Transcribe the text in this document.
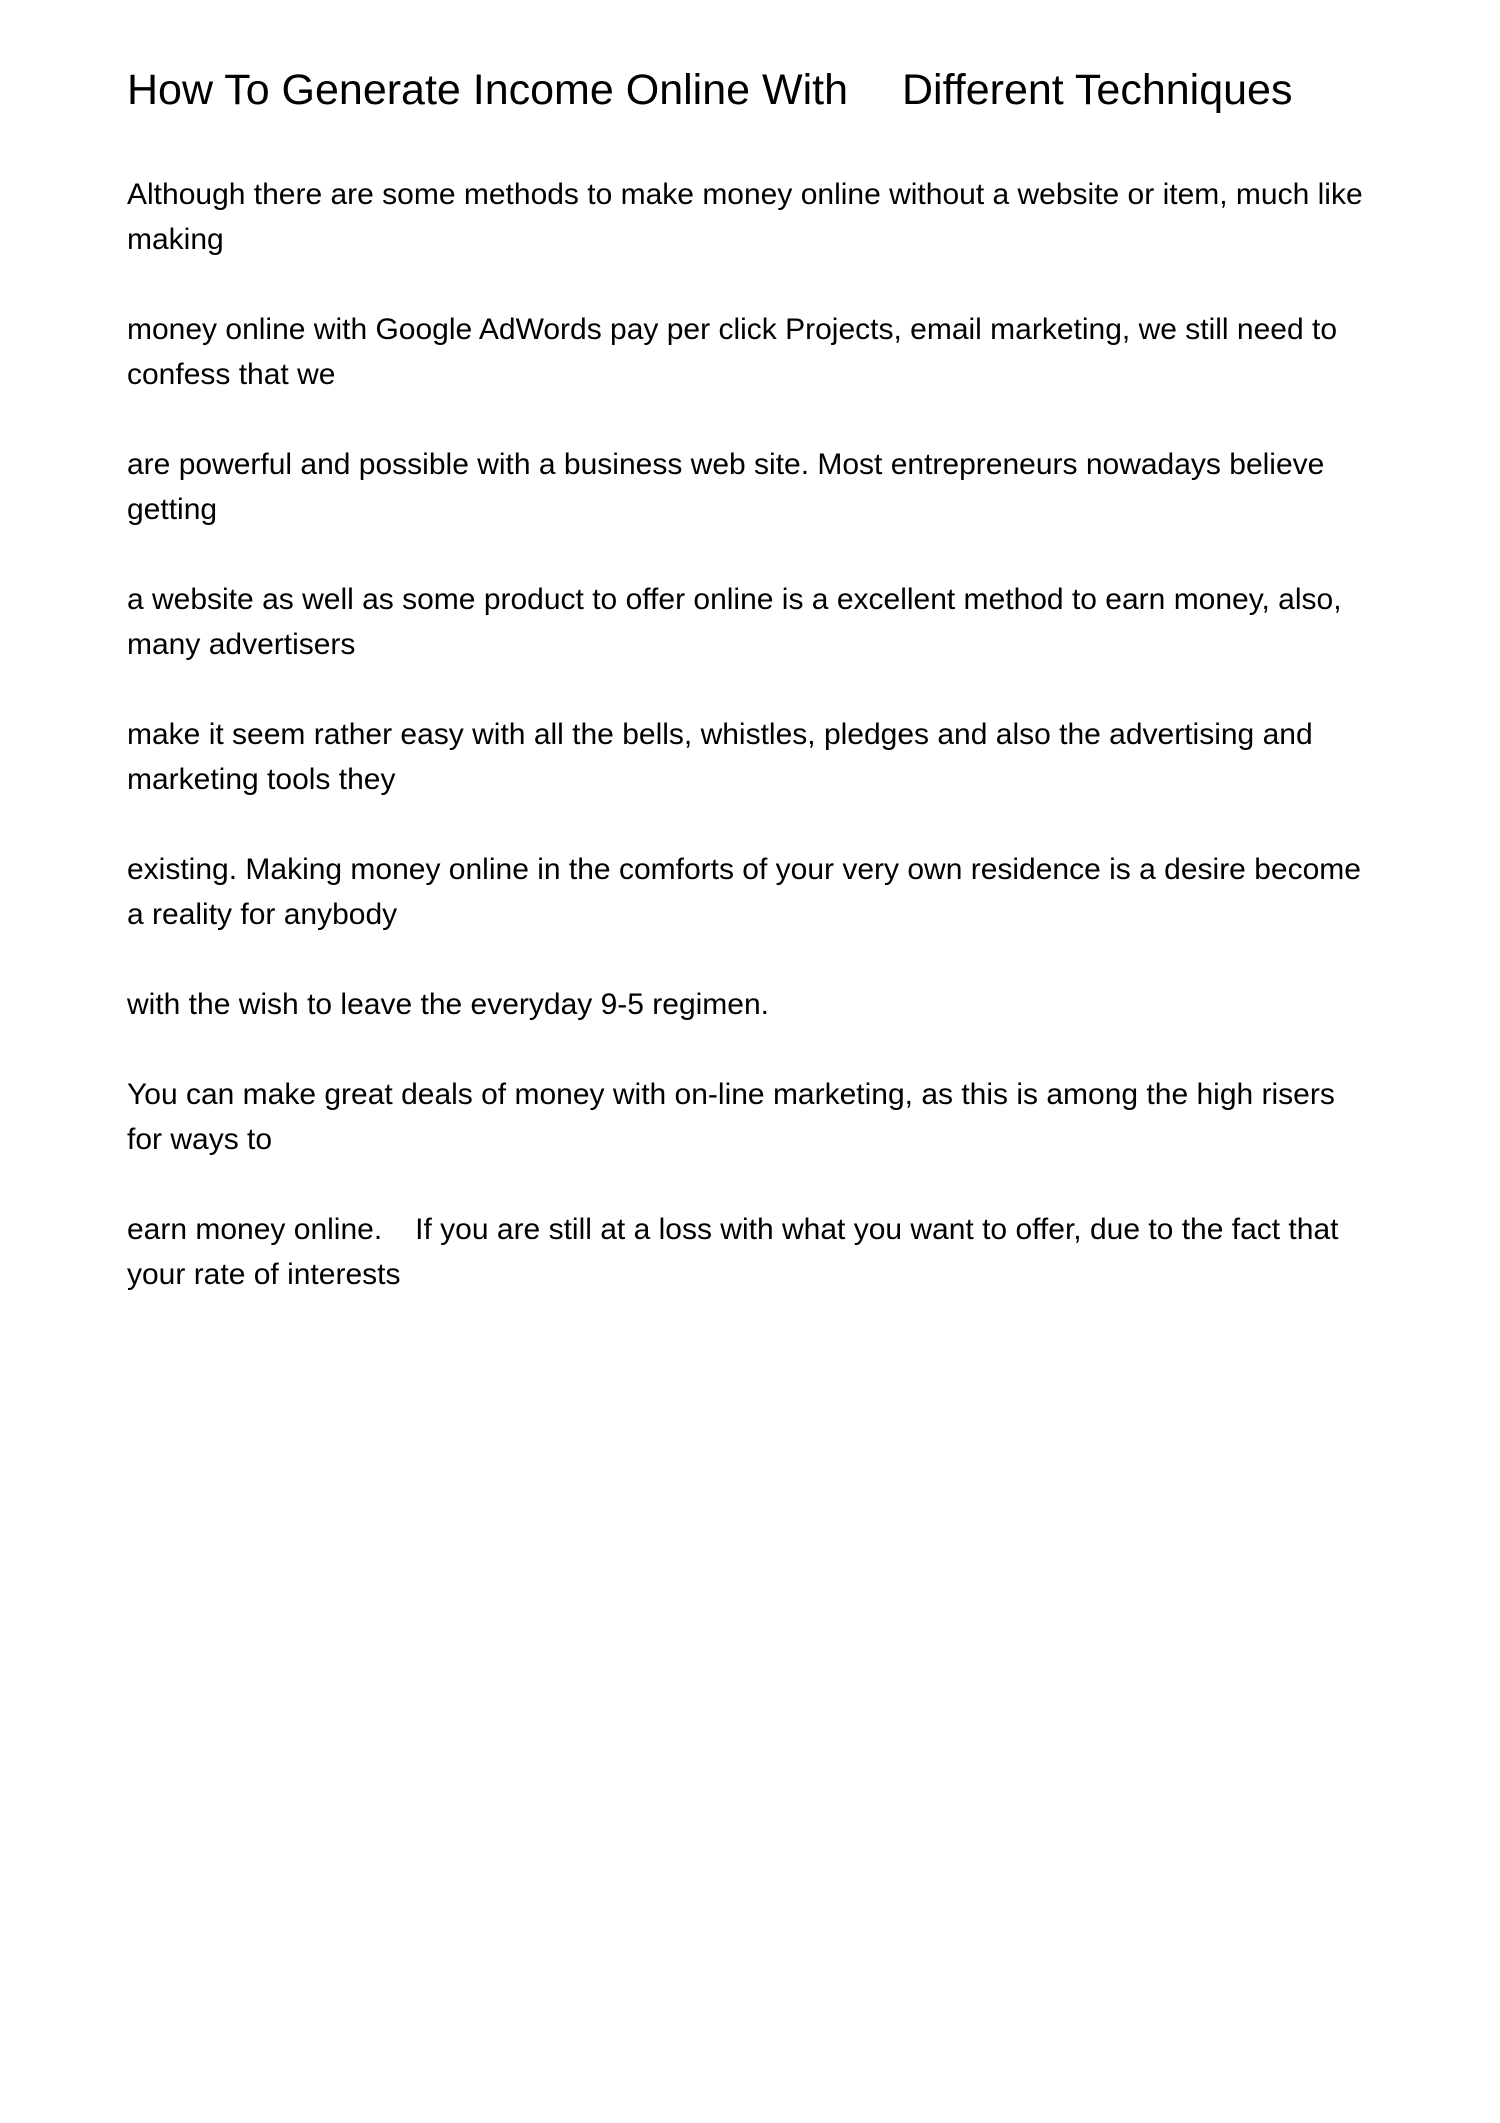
How To Generate Income Online With Different Techniques

Although there are some methods to make money online without a website or item, much like
making

money online with Google AdWords pay per click Projects, email marketing, we still need to
confess that we

are powerful and possible with a business web site. Most entrepreneurs nowadays believe
getting

a website as well as some product to offer online is a excellent method to earn money, also,
many advertisers

make it seem rather easy with all the bells, whistles, pledges and also the advertising and
marketing tools they

existing. Making money online in the comforts of your very own residence is a desire become
a reality for anybody

with the wish to leave the everyday 9-5 regimen.

You can make great deals of money with on-line marketing, as this is among the high risers
for ways to

earn money online. If you are still at a loss with what you want to offer, due to the fact that
your rate of interests
